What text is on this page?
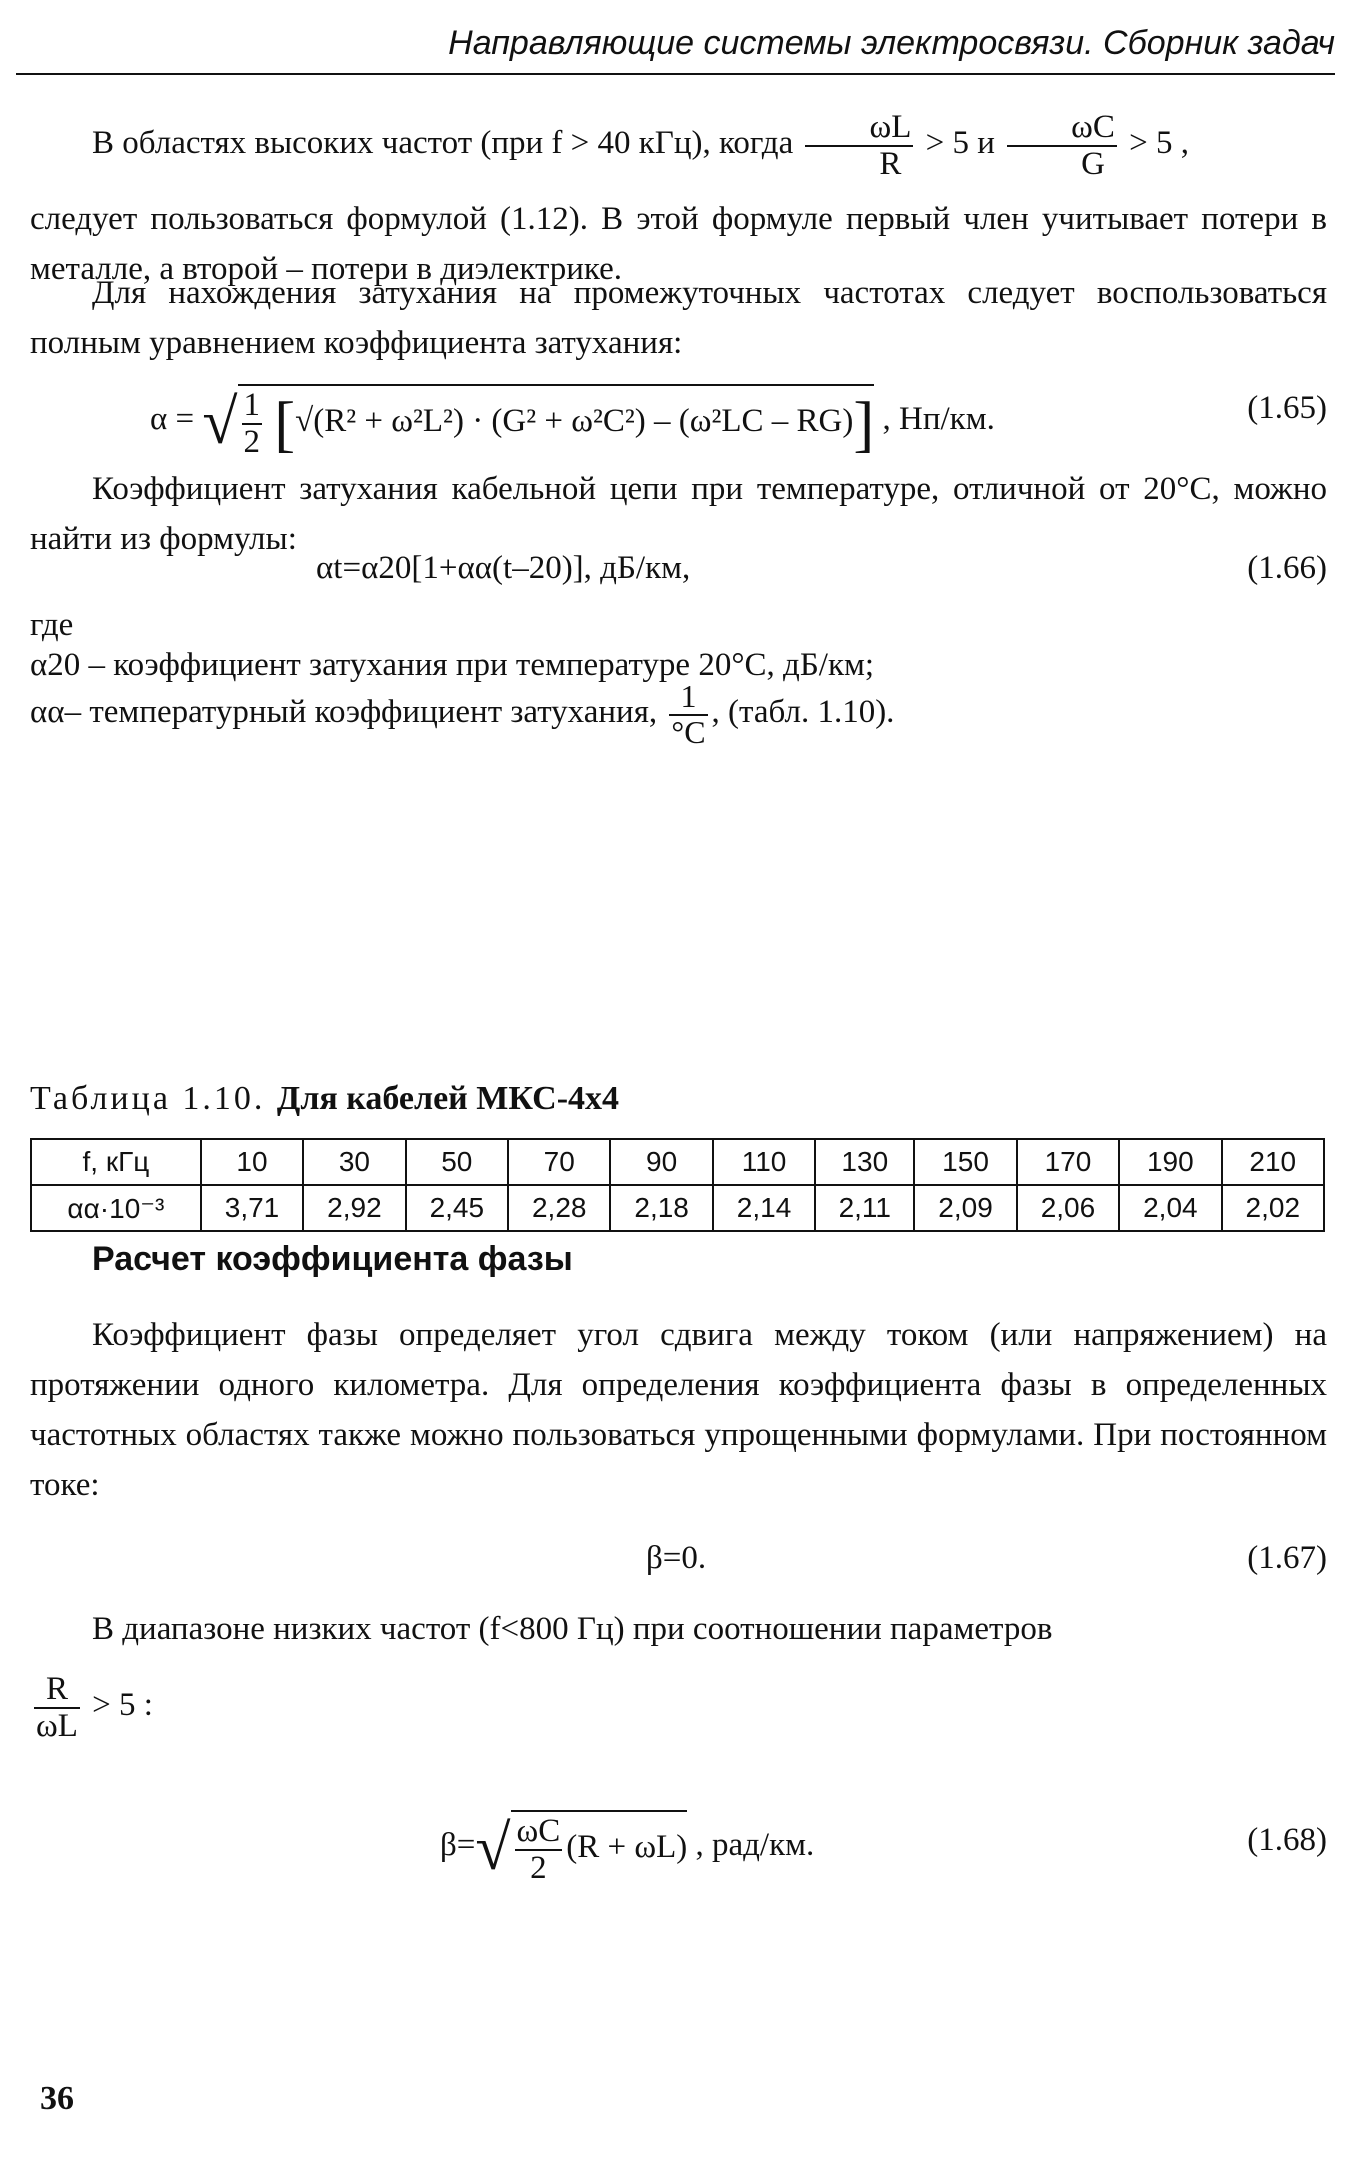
Направляющие системы электросвязи. Сборник задач
В областях высоких частот (при f > 40 кГц), когда $\frac{\omega L}{R} > 5$ и $\frac{\omega C}{G} > 5$ ,
следует пользоваться формулой (1.12). В этой формуле первый член учитывает потери в металле, а второй – потери в диэлектрике.
Для нахождения затухания на промежуточных частотах следует воспользоваться полным уравнением коэффициента затухания:
α = √ $\frac{1}{2} [√(R^2 + \omega^2L^2) \cdot (G^2 + \omega^2C^2) - (\omega^2LC - RG)]$ , Нп/км.	(1.65)
Коэффициент затухания кабельной цепи при температуре, отличной от 20°С, можно найти из формулы:
αt=α20[1+αα(t–20)], дБ/км,	(1.66)
где
α20 – коэффициент затухания при температуре 20°С, дБ/км;
αα– температурный коэффициент затухания, $\frac{1}{^\circ C}$ , (табл. 1.10).
Таблица 1.10. Для кабелей МКС-4х4
f, кГц	10	30	50	70	90	110	130	150	170	190	210
αα·10⁻³	3,71	2,92	2,45	2,28	2,18	2,14	2,11	2,09	2,06	2,04	2,02
Расчет коэффициента фазы
Коэффициент фазы определяет угол сдвига между током (или напряжением) на протяжении одного километра. Для определения коэффициента фазы в определенных частотных областях также можно пользоваться упрощенными формулами. При постоянном токе:
β=0.	(1.67)
В диапазоне низких частот (f<800 Гц) при соотношении параметров
$\frac{R}{\omega L} > 5$ :
$\beta=√ \frac{\omega C}{2} (R + \omega L)$ , рад/км.	(1.68)
36
